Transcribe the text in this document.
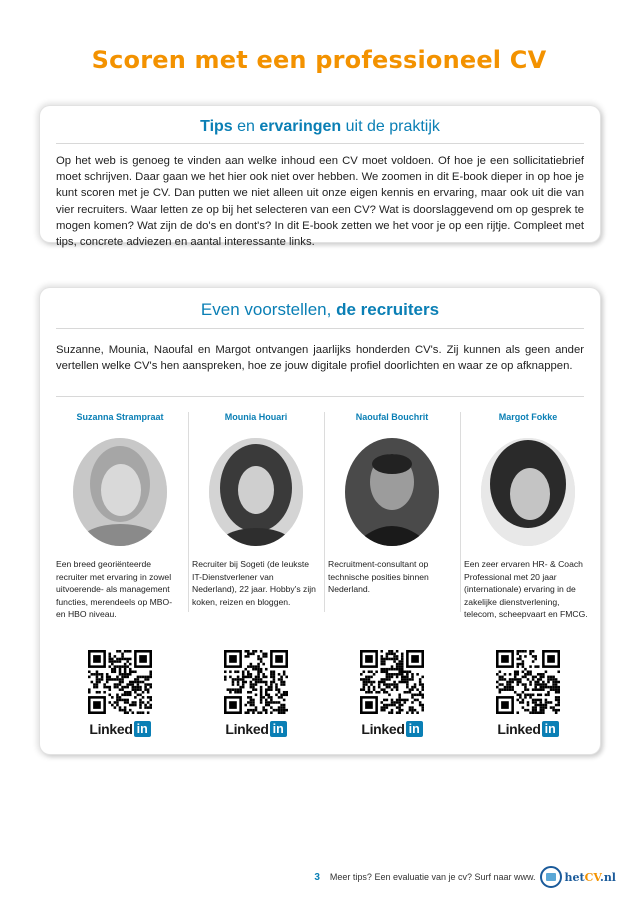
Scoren met een professioneel CV
Tips en ervaringen uit de praktijk
Op het web is genoeg te vinden aan welke inhoud een CV moet voldoen. Of hoe je een sollicitatiebrief moet schrijven. Daar gaan we het hier ook niet over hebben. We zoomen in dit E-book dieper in op hoe je kunt scoren met je CV. Dan putten we niet alleen uit onze eigen kennis en ervaring, maar ook uit die van vier recruiters. Waar letten ze op bij het selecteren van een CV? Wat is doorslaggevend om op gesprek te mogen komen? Wat zijn de do's en dont's? In dit E-book zetten we het voor je op een rijtje. Compleet met tips, concrete adviezen en aantal interessante links.
Even voorstellen, de recruiters
Suzanne, Mounia, Naoufal en Margot ontvangen jaarlijks honderden CV's. Zij kunnen als geen ander vertellen welke CV's hen aanspreken, hoe ze jouw digitale profiel doorlichten en waar ze op afknappen.
Suzanna Strampraat
Een breed georiënteerde recruiter met ervaring in zowel uitvoerende- als management functies, merendeels op MBO- en HBO niveau.
Linked in
Mounia Houari
Recruiter bij Sogeti (de leukste IT-Dienstverlener van Nederland), 22 jaar. Hobby's zijn koken, reizen en bloggen.
Linked in
Naoufal Bouchrit
Recruitment-consultant op technische posities binnen Nederland.
Linked in
Margot Fokke
Een zeer ervaren HR- & Coach Professional met 20 jaar (internationale) ervaring in de zakelijke dienstverlening, telecom, scheepvaart en FMCG.
Linked in
3 Meer tips? Een evaluatie van je cv? Surf naar www.	hetCV.nl
